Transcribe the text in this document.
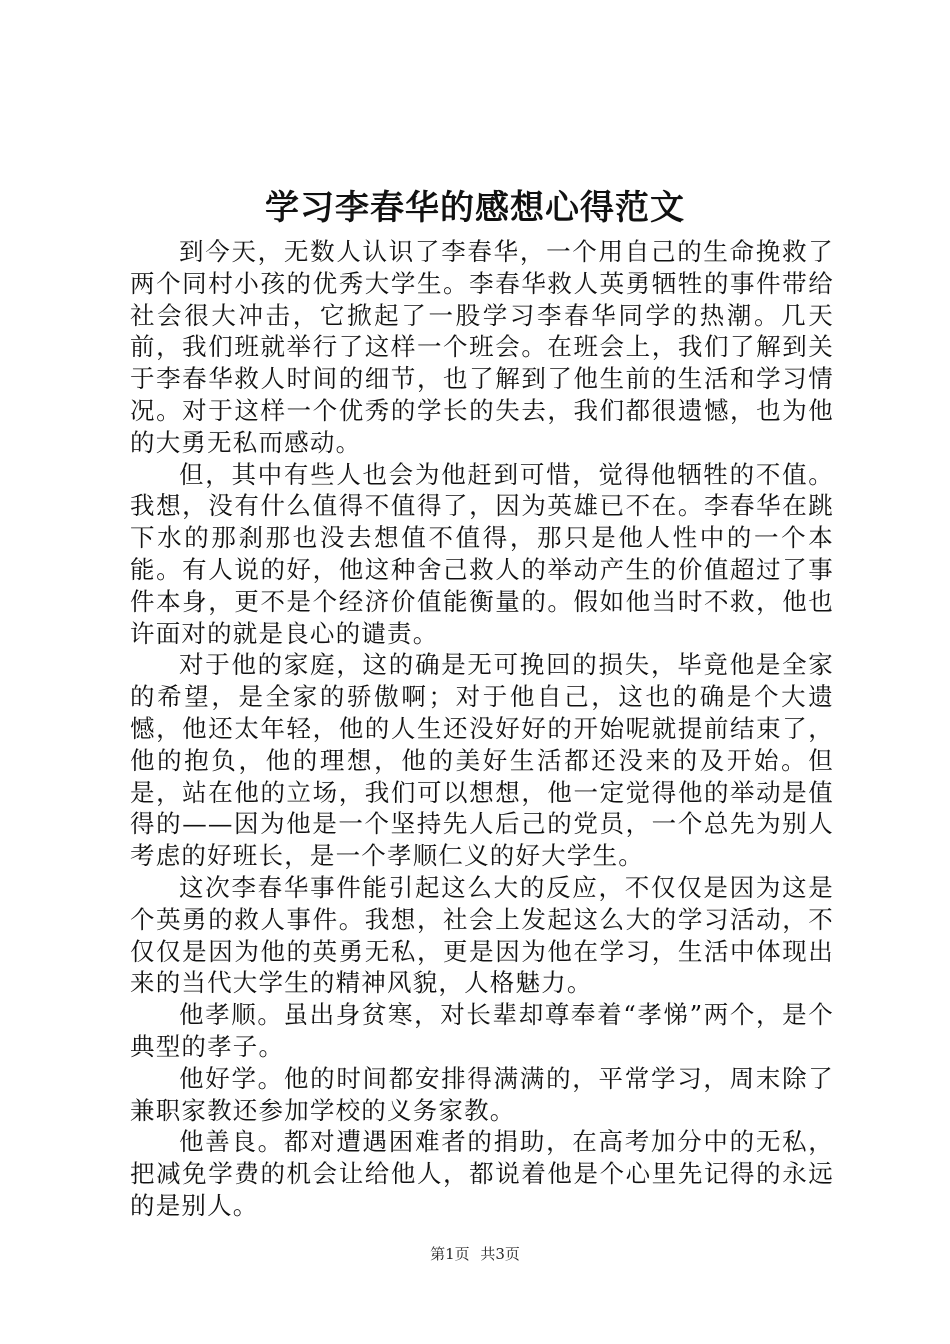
学习李春华的感想心得范文

到今天，无数人认识了李春华，一个用自己的生命挽救了两个同村小孩的优秀大学生。李春华救人英勇牺牲的事件带给社会很大冲击，它掀起了一股学习李春华同学的热潮。几天前，我们班就举行了这样一个班会。在班会上，我们了解到关于李春华救人时间的细节，也了解到了他生前的生活和学习情况。对于这样一个优秀的学长的失去，我们都很遗憾，也为他的大勇无私而感动。

但，其中有些人也会为他赶到可惜，觉得他牺牲的不值。我想，没有什么值得不值得了，因为英雄已不在。李春华在跳下水的那刹那也没去想值不值得，那只是他人性中的一个本能。有人说的好，他这种舍己救人的举动产生的价值超过了事件本身，更不是个经济价值能衡量的。假如他当时不救，他也许面对的就是良心的谴责。

对于他的家庭，这的确是无可挽回的损失，毕竟他是全家的希望，是全家的骄傲啊；对于他自己，这也的确是个大遗憾，他还太年轻，他的人生还没好好的开始呢就提前结束了，他的抱负，他的理想，他的美好生活都还没来的及开始。但是，站在他的立场，我们可以想想，他一定觉得他的举动是值得的——因为他是一个坚持先人后己的党员，一个总先为别人考虑的好班长，是一个孝顺仁义的好大学生。

这次李春华事件能引起这么大的反应，不仅仅是因为这是个英勇的救人事件。我想，社会上发起这么大的学习活动，不仅仅是因为他的英勇无私，更是因为他在学习，生活中体现出来的当代大学生的精神风貌，人格魅力。

他孝顺。虽出身贫寒，对长辈却尊奉着“孝悌”两个，是个典型的孝子。

他好学。他的时间都安排得满满的，平常学习，周末除了兼职家教还参加学校的义务家教。

他善良。都对遭遇困难者的捐助，在高考加分中的无私，把减免学费的机会让给他人，都说着他是个心里先记得的永远的是别人。

第1页 共3页
